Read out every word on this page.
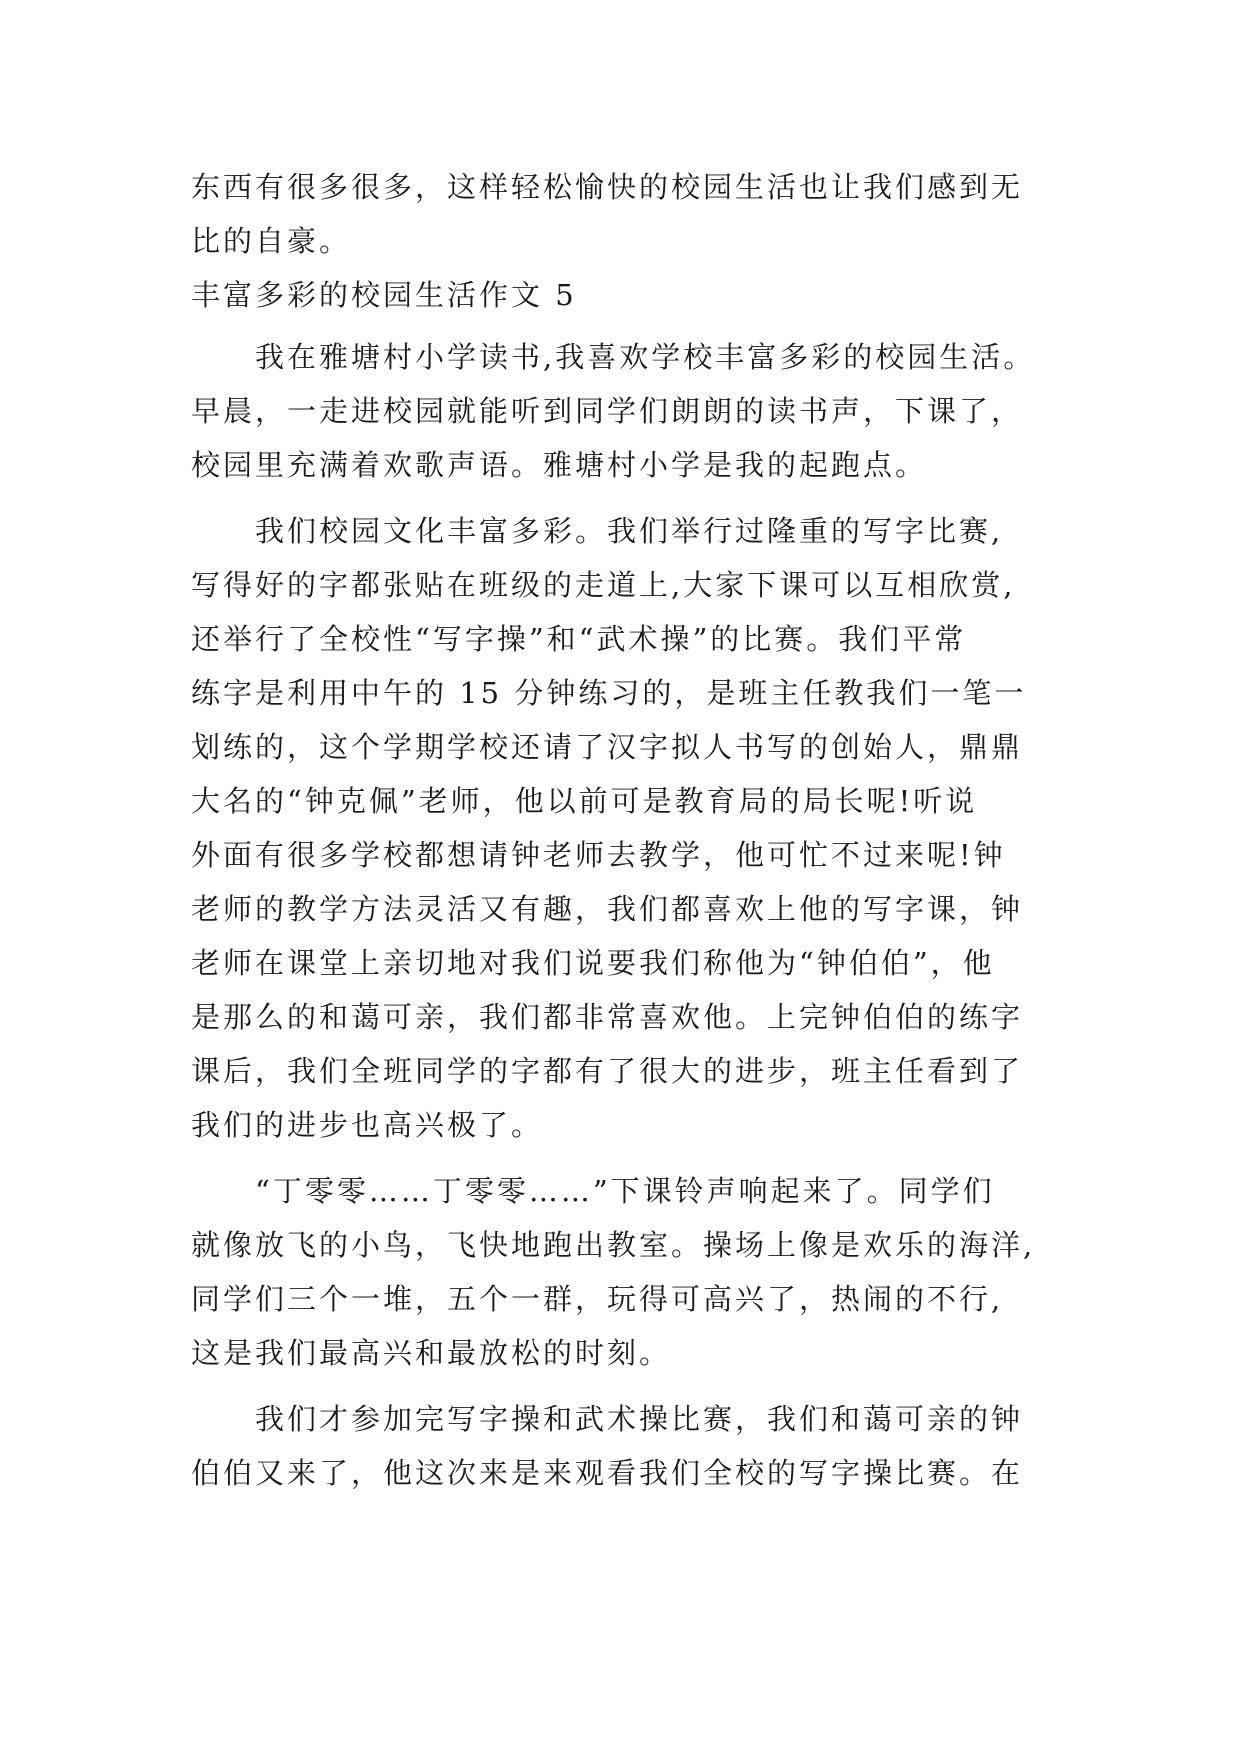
东西有很多很多，这样轻松愉快的校园生活也让我们感到无
比的自豪。
丰富多彩的校园生活作文 5
　　我在雅塘村小学读书,我喜欢学校丰富多彩的校园生活。
早晨，一走进校园就能听到同学们朗朗的读书声，下课了，
校园里充满着欢歌声语。雅塘村小学是我的起跑点。
　　我们校园文化丰富多彩。我们举行过隆重的写字比赛,
写得好的字都张贴在班级的走道上,大家下课可以互相欣赏,
还举行了全校性“写字操”和“武术操”的比赛。我们平常
练字是利用中午的 15 分钟练习的，是班主任教我们一笔一
划练的，这个学期学校还请了汉字拟人书写的创始人，鼎鼎
大名的“钟克佩”老师，他以前可是教育局的局长呢!听说
外面有很多学校都想请钟老师去教学，他可忙不过来呢!钟
老师的教学方法灵活又有趣，我们都喜欢上他的写字课，钟
老师在课堂上亲切地对我们说要我们称他为“钟伯伯”，他
是那么的和蔼可亲，我们都非常喜欢他。上完钟伯伯的练字
课后，我们全班同学的字都有了很大的进步，班主任看到了
我们的进步也高兴极了。
　　“丁零零……丁零零……”下课铃声响起来了。同学们
就像放飞的小鸟，飞快地跑出教室。操场上像是欢乐的海洋,
同学们三个一堆，五个一群，玩得可高兴了，热闹的不行,
这是我们最高兴和最放松的时刻。
　　我们才参加完写字操和武术操比赛，我们和蔼可亲的钟
伯伯又来了，他这次来是来观看我们全校的写字操比赛。在
